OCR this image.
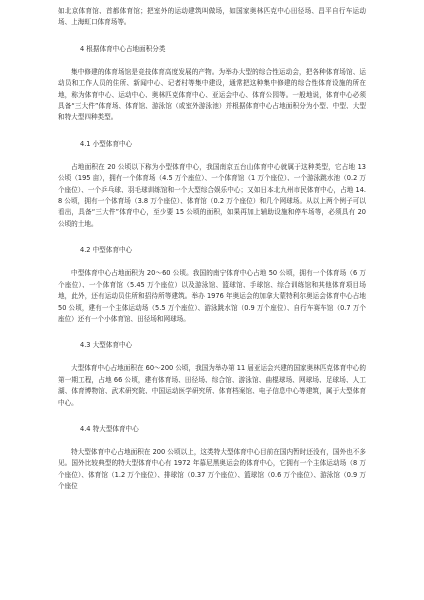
如北京体育馆、首都体育馆；把室外的运动建筑叫做场，如国家奥林匹克中心田径场、昌平自行车运动场、上海虹口体育场等。

4 根据体育中心占地面积分类

集中修建的体育场馆是竞技体育高度发展的产物。为举办大型的综合性运动会，把各种体育场馆、运动员和工作人员的住所、新闻中心、记者村等集中建设，通常把这种集中修建的综合性体育设施的所在地，称为体育中心、运动中心、奥林匹克体育中心、亚运会中心、体育公园等。一般地说，体育中心必须具备“三大件”体育场、体育馆、游泳馆（或室外游泳池）并根据体育中心占地面积分为小型、中型、大型和特大型四种类型。

4.1 小型体育中心

占地面积在 20 公顷以下称为小型体育中心，我国南京五台山体育中心就属于这种类型，它占地 13 公顷（195 亩），拥有一个体育场（4.5 万个座位）、一个体育馆（1 万个座位）、一个游泳跳水池（0.2 万个座位）、一个乒乓球、羽毛球训练馆和一个大型综合娱乐中心；又如日本北九州市民体育中心，占地 14.8 公顷，拥有一个体育场（3.8 万个座位）、体育馆（0.2 万个座位）和几个网球场。从以上两个例子可以看出，具备“三大件”体育中心，至少要 15 公顷的面积，如果再加上辅助设施和停车场等，必须具有 20 公顷的土地。

4.2 中型体育中心

中型体育中心占地面积为 20～60 公顷。我国的南宁体育中心占地 50 公顷，拥有一个体育场（6 万个座位）、一个体育馆（5.45 万个座位）以及游泳馆、篮球馆、手球馆、综合训练馆和其他体育项目场地，此外，还有运动员住所和招待所等建筑。举办 1976 年奥运会的加拿大蒙特利尔奥运会体育中心占地 50 公顷，建有一个主体运动场（5.5 万个座位）、游泳跳水馆（0.9 万个座位）、自行车赛车馆（0.7 万个座位）还有一个小体育馆、田径场和网球场。

4.3 大型体育中心

大型体育中心占地面积在 60～200 公顷，我国为举办第 11 届亚运会兴建的国家奥林匹克体育中心的第一期工程，占地 66 公顷，建有体育场、田径场、综合馆、游泳馆、曲棍球场、网球场、足球场、人工湖、体育博物馆、武术研究院、中国运动医学研究所、体育档案馆、电子信息中心等建筑，属于大型体育中心。

4.4 特大型体育中心

特大型体育中心占地面积在 200 公顷以上，这类特大型体育中心目前在国内暂时还没有，国外也不多见。国外比较典型的特大型体育中心有 1972 年慕尼黑奥运会的体育中心，它拥有一个主体运动场（8 万个座位）、体育馆（1.2 万个座位）、排球馆（0.37 万个座位）、篮球馆（0.6 万个座位）、游泳馆（0.9 万个座位
